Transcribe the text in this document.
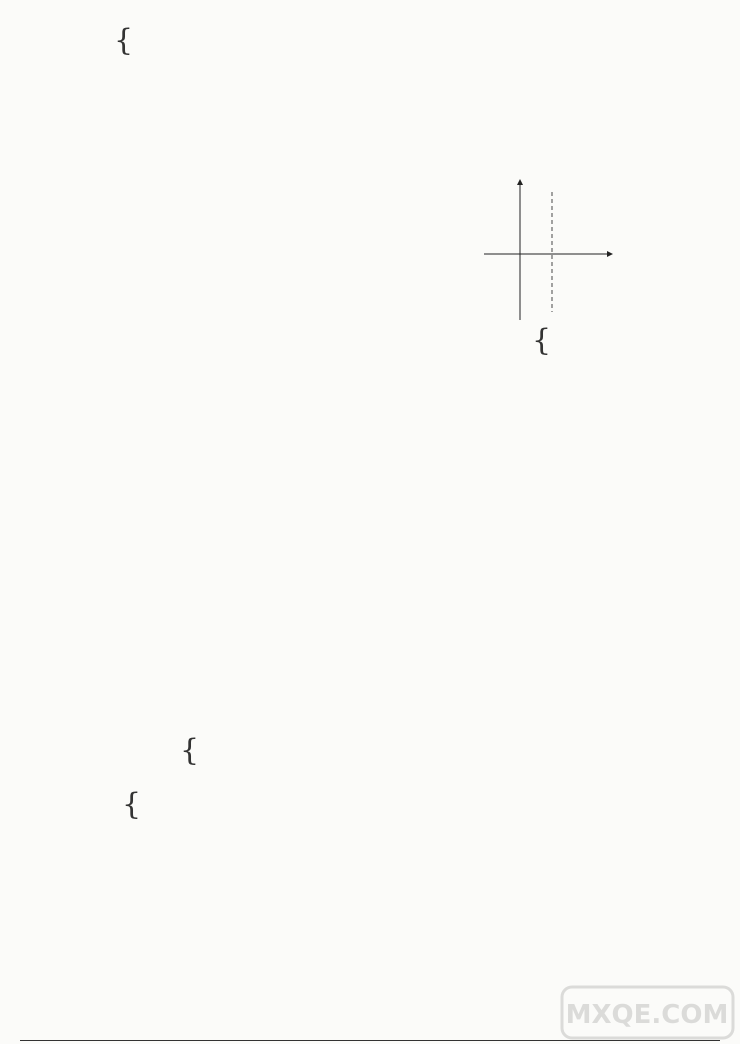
{
{
{
{
MXQE.COM
